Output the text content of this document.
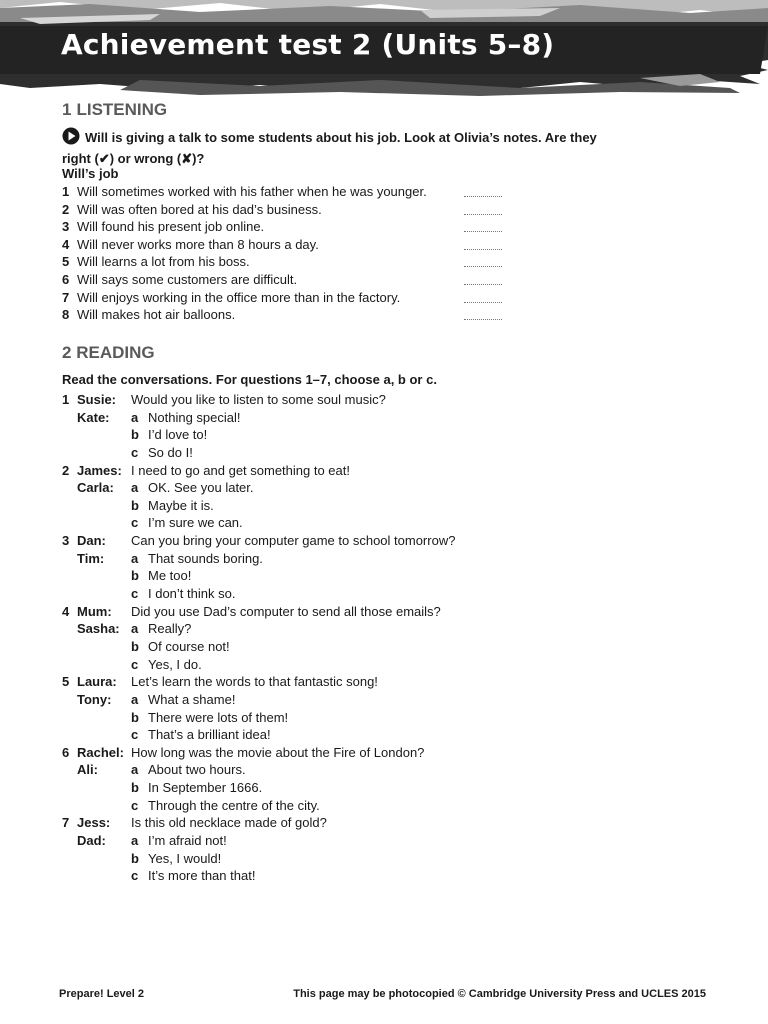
Achievement test 2 (Units 5–8)
1 LISTENING

Will is giving a talk to some students about his job. Look at Olivia’s notes. Are they right (✔) or wrong (✘)?

Will’s job
1 Will sometimes worked with his father when he was younger.
2 Will was often bored at his dad’s business.
3 Will found his present job online.
4 Will never works more than 8 hours a day.
5 Will learns a lot from his boss.
6 Will says some customers are difficult.
7 Will enjoys working in the office more than in the factory.
8 Will makes hot air balloons.
2 READING

Read the conversations. For questions 1–7, choose a, b or c.

1 Susie: Would you like to listen to some soul music?
Kate: a Nothing special!
b I’d love to!
c So do I!
2 James: I need to go and get something to eat!
Carla: a OK. See you later.
b Maybe it is.
c I’m sure we can.
3 Dan: Can you bring your computer game to school tomorrow?
Tim: a That sounds boring.
b Me too!
c I don’t think so.
4 Mum: Did you use Dad’s computer to send all those emails?
Sasha: a Really?
b Of course not!
c Yes, I do.
5 Laura: Let’s learn the words to that fantastic song!
Tony: a What a shame!
b There were lots of them!
c That’s a brilliant idea!
6 Rachel: How long was the movie about the Fire of London?
Ali:	a About two hours.
b In September 1666.
c Through the centre of the city.
7 Jess: Is this old necklace made of gold?
Dad: a I’m afraid not!
b Yes, I would!
c It’s more than that!
Prepare! Level 2	This page may be photocopied © Cambridge University Press and UCLES 2015
